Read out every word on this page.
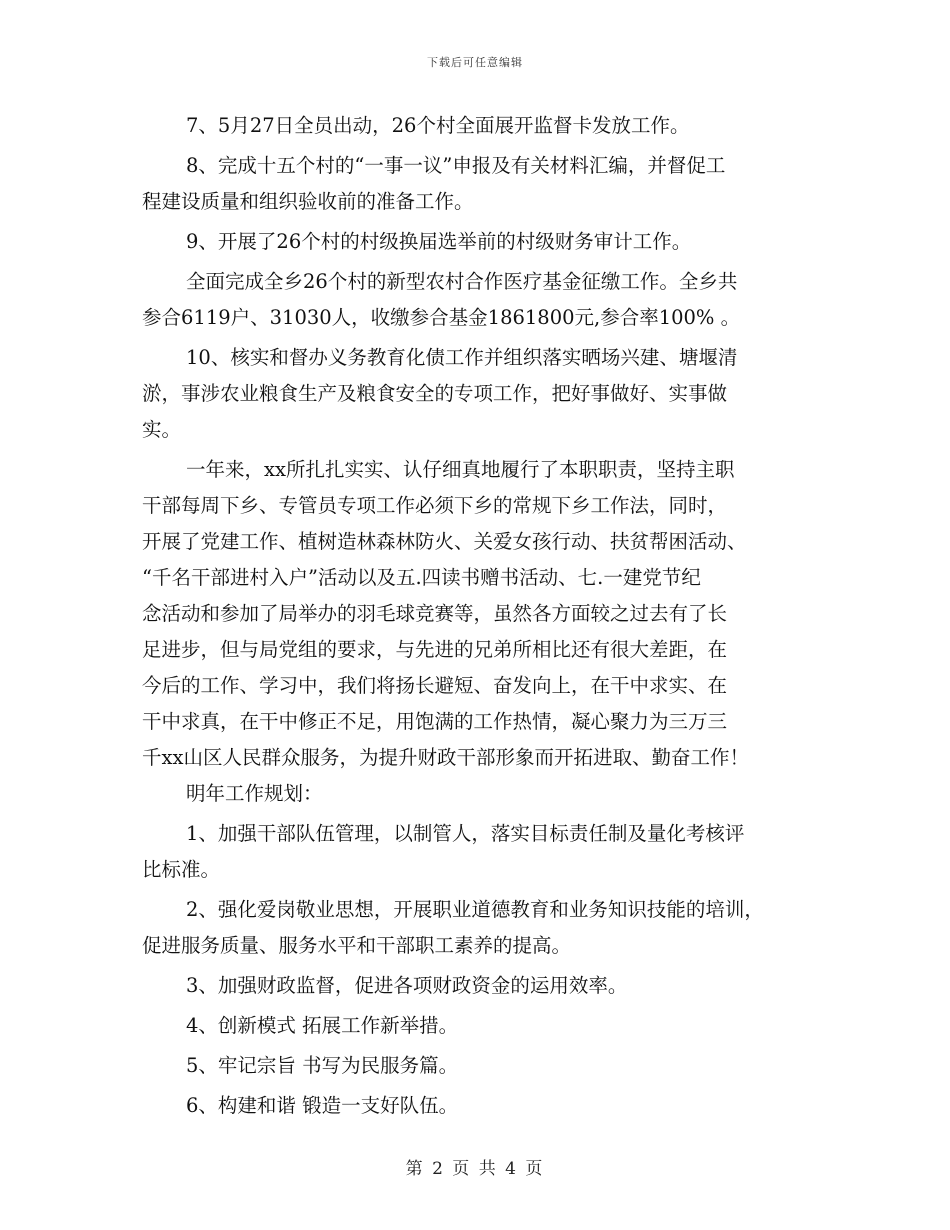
下载后可任意编辑
7、5月27日全员出动，26个村全面展开监督卡发放工作。
8、完成十五个村的“一事一议”申报及有关材料汇编，并督促工
程建设质量和组织验收前的准备工作。
9、开展了26个村的村级换届选举前的村级财务审计工作。
全面完成全乡26个村的新型农村合作医疗基金征缴工作。全乡共
参合6119户、31030人，收缴参合基金1861800元,参合率100% 。
10、核实和督办义务教育化债工作并组织落实晒场兴建、塘堰清
淤，事涉农业粮食生产及粮食安全的专项工作，把好事做好、实事做
实。
一年来，xx所扎扎实实、认仔细真地履行了本职职责，坚持主职
干部每周下乡、专管员专项工作必须下乡的常规下乡工作法，同时，
开展了党建工作、植树造林森林防火、关爱女孩行动、扶贫帮困活动、
“千名干部进村入户”活动以及五.四读书赠书活动、七.一建党节纪
念活动和参加了局举办的羽毛球竞赛等，虽然各方面较之过去有了长
足进步，但与局党组的要求，与先进的兄弟所相比还有很大差距，在
今后的工作、学习中，我们将扬长避短、奋发向上，在干中求实、在
干中求真，在干中修正不足，用饱满的工作热情，凝心聚力为三万三
千xx山区人民群众服务，为提升财政干部形象而开拓进取、勤奋工作！
明年工作规划：
1、加强干部队伍管理，以制管人，落实目标责任制及量化考核评
比标准。
2、强化爱岗敬业思想，开展职业道德教育和业务知识技能的培训，
促进服务质量、服务水平和干部职工素养的提高。
3、加强财政监督，促进各项财政资金的运用效率。
4、创新模式 拓展工作新举措。
5、牢记宗旨 书写为民服务篇。
6、构建和谐 锻造一支好队伍。
第 2 页 共 4 页
